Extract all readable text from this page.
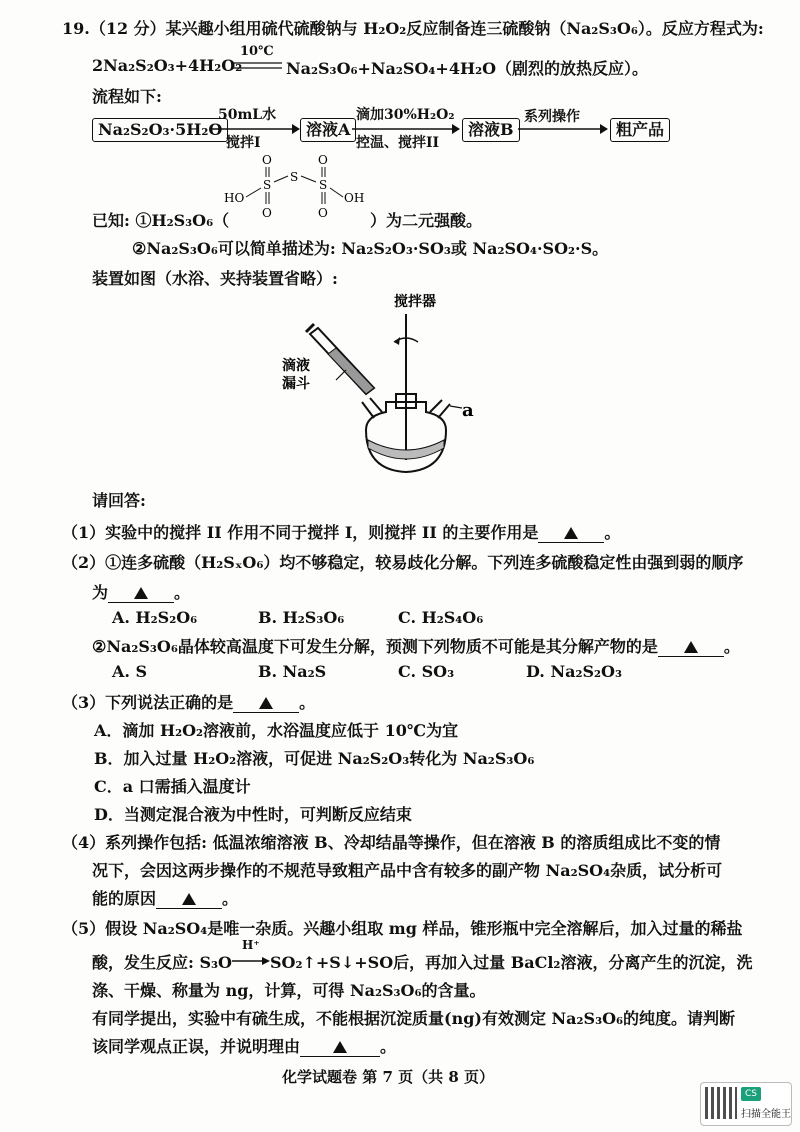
19.（12 分）某兴趣小组用硫代硫酸钠与 H₂O₂反应制备连三硫酸钠（Na₂S₃O₆）。反应方程式为:
2Na₂S₂O₃+4H₂O₂
10℃
Na₂S₃O₆+Na₂SO₄+4H₂O（剧烈的放热反应）。
流程如下:
Na₂S₂O₃·5H₂O
50mL水
搅拌I
溶液A
滴加30%H₂O₂
控温、搅拌II
溶液B
系列操作
粗产品
O	O
S
S
S
HO	OH
O	O
已知: ①H₂S₃O₆（	）为二元强酸。
②Na₂S₃O₆可以简单描述为: Na₂S₂O₃·SO₃或 Na₂SO₄·SO₂·S。
装置如图（水浴、夹持装置省略）:
搅拌器
滴液
漏斗
a
请回答:
（1）实验中的搅拌 II 作用不同于搅拌 I，则搅拌 II 的主要作用是	。
（2）①连多硫酸（H₂SₓO₆）均不够稳定，较易歧化分解。下列连多硫酸稳定性由强到弱的顺序
为	。
A. H₂S₂O₆	B. H₂S₃O₆	C. H₂S₄O₆
②Na₂S₃O₆晶体较高温度下可发生分解，预测下列物质不可能是其分解产物的是	。
A. S	B. Na₂S	C. SO₃	D. Na₂S₂O₃
（3）下列说法正确的是	。
A．滴加 H₂O₂溶液前，水浴温度应低于 10℃为宜
B．加入过量 H₂O₂溶液，可促进 Na₂S₂O₃转化为 Na₂S₃O₆
C．a 口需插入温度计
D．当测定混合液为中性时，可判断反应结束
（4）系列操作包括: 低温浓缩溶液 B、冷却结晶等操作，但在溶液 B 的溶质组成比不变的情
况下，会因这两步操作的不规范导致粗产品中含有较多的副产物 Na₂SO₄杂质，试分析可
能的原因	。
（5）假设 Na₂SO₄是唯一杂质。兴趣小组取 mg 样品，锥形瓶中完全溶解后，加入过量的稀盐
酸，发生反应: S₃O
H⁺
SO₂↑+S↓+SO后，再加入过量 BaCl₂溶液，分离产生的沉淀，洗
涤、干燥、称量为 ng，计算，可得 Na₂S₃O₆的含量。
有同学提出，实验中有硫生成，不能根据沉淀质量(ng)有效测定 Na₂S₃O₆的纯度。请判断
该同学观点正误，并说明理由	。
化学试题卷 第 7 页（共 8 页）
CS
扫描全能王
